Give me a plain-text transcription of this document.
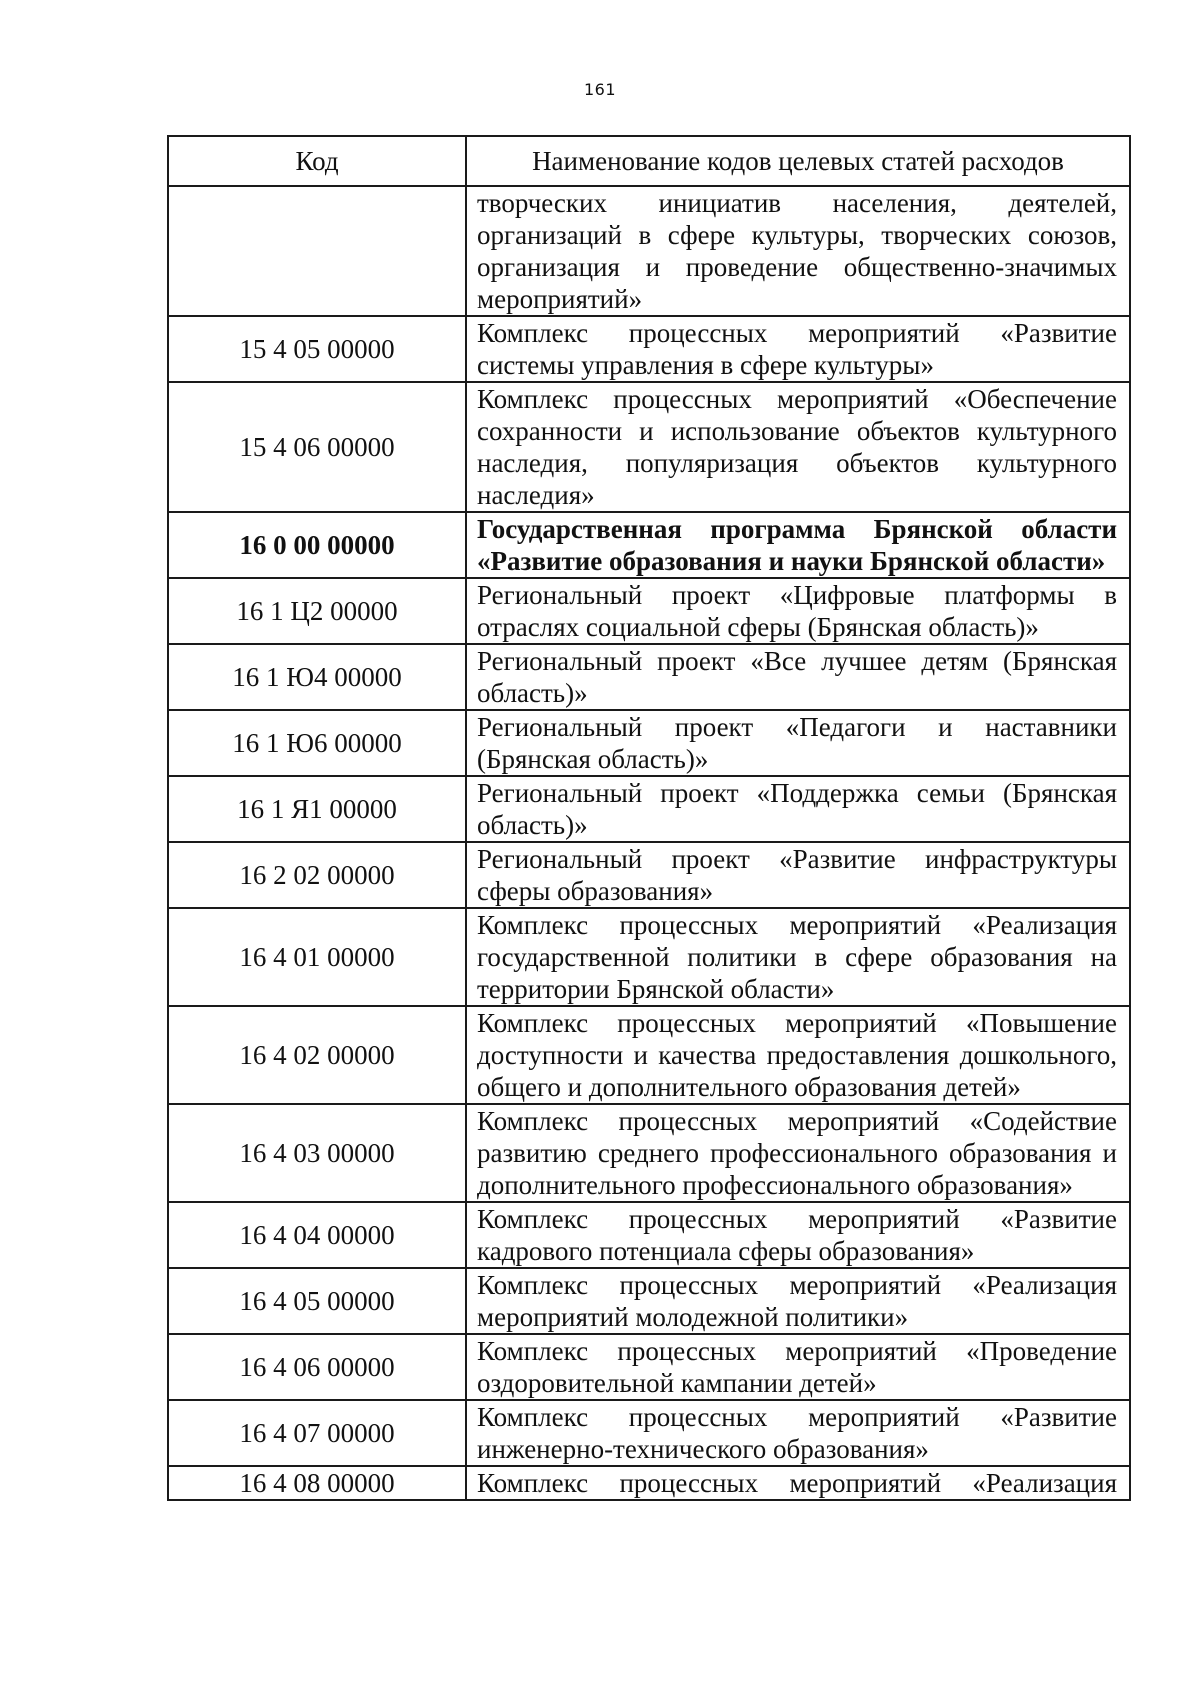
161
Код	Наименование кодов целевых статей расходов
	творческих инициатив населения, деятелей, организаций в сфере культуры, творческих союзов, организация и проведение общественно-значимых мероприятий»
15 4 05 00000	Комплекс процессных мероприятий «Развитие системы управления в сфере культуры»
15 4 06 00000	Комплекс процессных мероприятий «Обеспечение сохранности и использование объектов культурного наследия, популяризация объектов культурного наследия»
16 0 00 00000	Государственная программа Брянской области «Развитие образования и науки Брянской области»
16 1 Ц2 00000	Региональный проект «Цифровые платформы в отраслях социальной сферы (Брянская область)»
16 1 Ю4 00000	Региональный проект «Все лучшее детям (Брянская область)»
16 1 Ю6 00000	Региональный проект «Педагоги и наставники (Брянская область)»
16 1 Я1 00000	Региональный проект «Поддержка семьи (Брянская область)»
16 2 02 00000	Региональный проект «Развитие инфраструктуры сферы образования»
16 4 01 00000	Комплекс процессных мероприятий «Реализация государственной политики в сфере образования на территории Брянской области»
16 4 02 00000	Комплекс процессных мероприятий «Повышение доступности и качества предоставления дошкольного, общего и дополнительного образования детей»
16 4 03 00000	Комплекс процессных мероприятий «Содействие развитию среднего профессионального образования и дополнительного профессионального образования»
16 4 04 00000	Комплекс процессных мероприятий «Развитие кадрового потенциала сферы образования»
16 4 05 00000	Комплекс процессных мероприятий «Реализация мероприятий молодежной политики»
16 4 06 00000	Комплекс процессных мероприятий «Проведение оздоровительной кампании детей»
16 4 07 00000	Комплекс процессных мероприятий «Развитие инженерно-технического образования»
16 4 08 00000	Комплекс процессных мероприятий «Реализация
